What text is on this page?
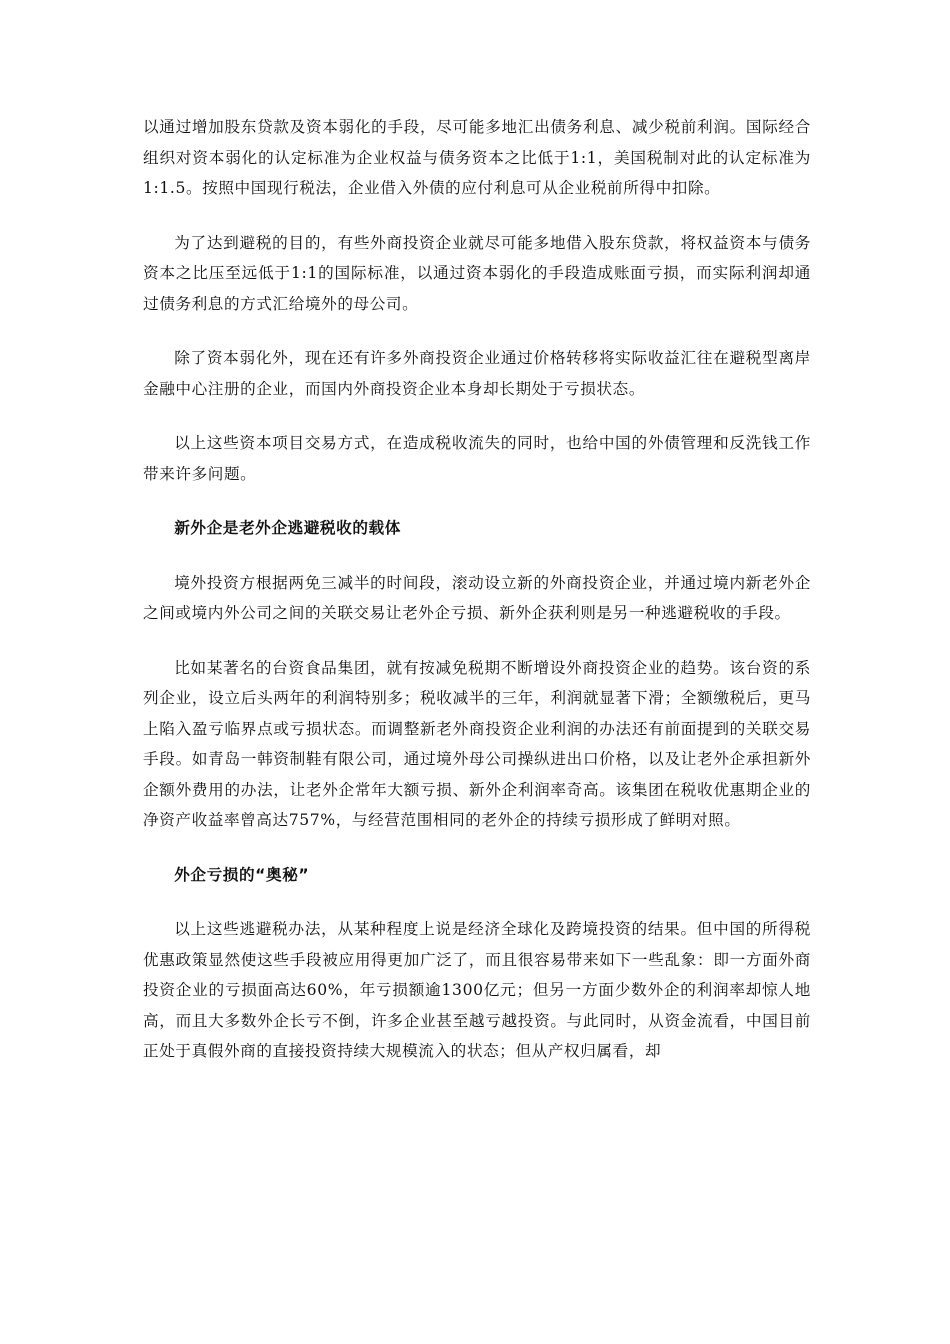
以通过增加股东贷款及资本弱化的手段，尽可能多地汇出债务利息、减少税前利润。国际经合组织对资本弱化的认定标准为企业权益与债务资本之比低于1:1，美国税制对此的认定标准为1:1.5。按照中国现行税法，企业借入外债的应付利息可从企业税前所得中扣除。

为了达到避税的目的，有些外商投资企业就尽可能多地借入股东贷款，将权益资本与债务资本之比压至远低于1:1的国际标准，以通过资本弱化的手段造成账面亏损，而实际利润却通过债务利息的方式汇给境外的母公司。

除了资本弱化外，现在还有许多外商投资企业通过价格转移将实际收益汇往在避税型离岸金融中心注册的企业，而国内外商投资企业本身却长期处于亏损状态。

以上这些资本项目交易方式，在造成税收流失的同时，也给中国的外债管理和反洗钱工作带来许多问题。

新外企是老外企逃避税收的载体

境外投资方根据两免三减半的时间段，滚动设立新的外商投资企业，并通过境内新老外企之间或境内外公司之间的关联交易让老外企亏损、新外企获利则是另一种逃避税收的手段。

比如某著名的台资食品集团，就有按减免税期不断增设外商投资企业的趋势。该台资的系列企业，设立后头两年的利润特别多；税收减半的三年，利润就显著下滑；全额缴税后，更马上陷入盈亏临界点或亏损状态。而调整新老外商投资企业利润的办法还有前面提到的关联交易手段。如青岛一韩资制鞋有限公司，通过境外母公司操纵进出口价格，以及让老外企承担新外企额外费用的办法，让老外企常年大额亏损、新外企利润率奇高。该集团在税收优惠期企业的净资产收益率曾高达757%，与经营范围相同的老外企的持续亏损形成了鲜明对照。

外企亏损的“奥秘”

以上这些逃避税办法，从某种程度上说是经济全球化及跨境投资的结果。但中国的所得税优惠政策显然使这些手段被应用得更加广泛了，而且很容易带来如下一些乱象：即一方面外商投资企业的亏损面高达60%，年亏损额逾1300亿元；但另一方面少数外企的利润率却惊人地高，而且大多数外企长亏不倒，许多企业甚至越亏越投资。与此同时，从资金流看，中国目前正处于真假外商的直接投资持续大规模流入的状态；但从产权归属看，却
